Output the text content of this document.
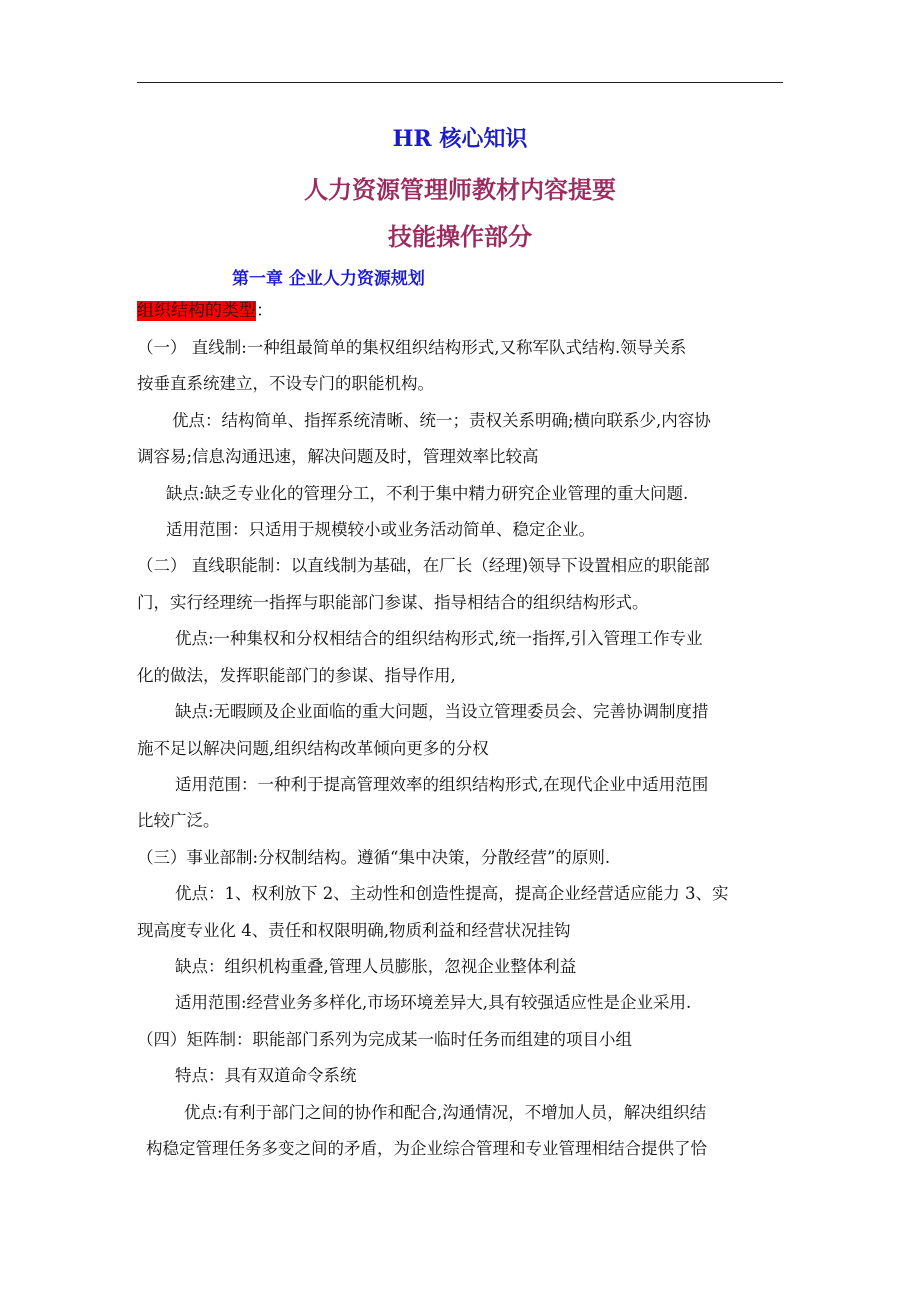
HR 核心知识
人力资源管理师教材内容提要
技能操作部分
第一章 企业人力资源规划
组织结构的类型：
（一） 直线制:一种组最简单的集权组织结构形式,又称军队式结构.领导关系
按垂直系统建立，不设专门的职能机构。
优点：结构简单、指挥系统清晰、统一；责权关系明确;横向联系少,内容协
调容易;信息沟通迅速，解决问题及时，管理效率比较高
缺点:缺乏专业化的管理分工，不利于集中精力研究企业管理的重大问题.
适用范围：只适用于规模较小或业务活动简单、稳定企业。
（二） 直线职能制：以直线制为基础，在厂长（经理)领导下设置相应的职能部
门，实行经理统一指挥与职能部门参谋、指导相结合的组织结构形式。
优点:一种集权和分权相结合的组织结构形式,统一指挥,引入管理工作专业
化的做法，发挥职能部门的参谋、指导作用,
缺点:无暇顾及企业面临的重大问题，当设立管理委员会、完善协调制度措
施不足以解决问题,组织结构改革倾向更多的分权
适用范围：一种利于提高管理效率的组织结构形式,在现代企业中适用范围
比较广泛。
（三）事业部制:分权制结构。遵循“集中决策，分散经营”的原则.
优点：1、权利放下 2、主动性和创造性提高，提高企业经营适应能力 3、实
现高度专业化 4、责任和权限明确,物质利益和经营状况挂钩
缺点：组织机构重叠,管理人员膨胀，忽视企业整体利益
适用范围:经营业务多样化,市场环境差异大,具有较强适应性是企业采用.
（四）矩阵制：职能部门系列为完成某一临时任务而组建的项目小组
特点：具有双道命令系统
优点:有利于部门之间的协作和配合,沟通情况，不增加人员，解决组织结
构稳定管理任务多变之间的矛盾，为企业综合管理和专业管理相结合提供了恰
